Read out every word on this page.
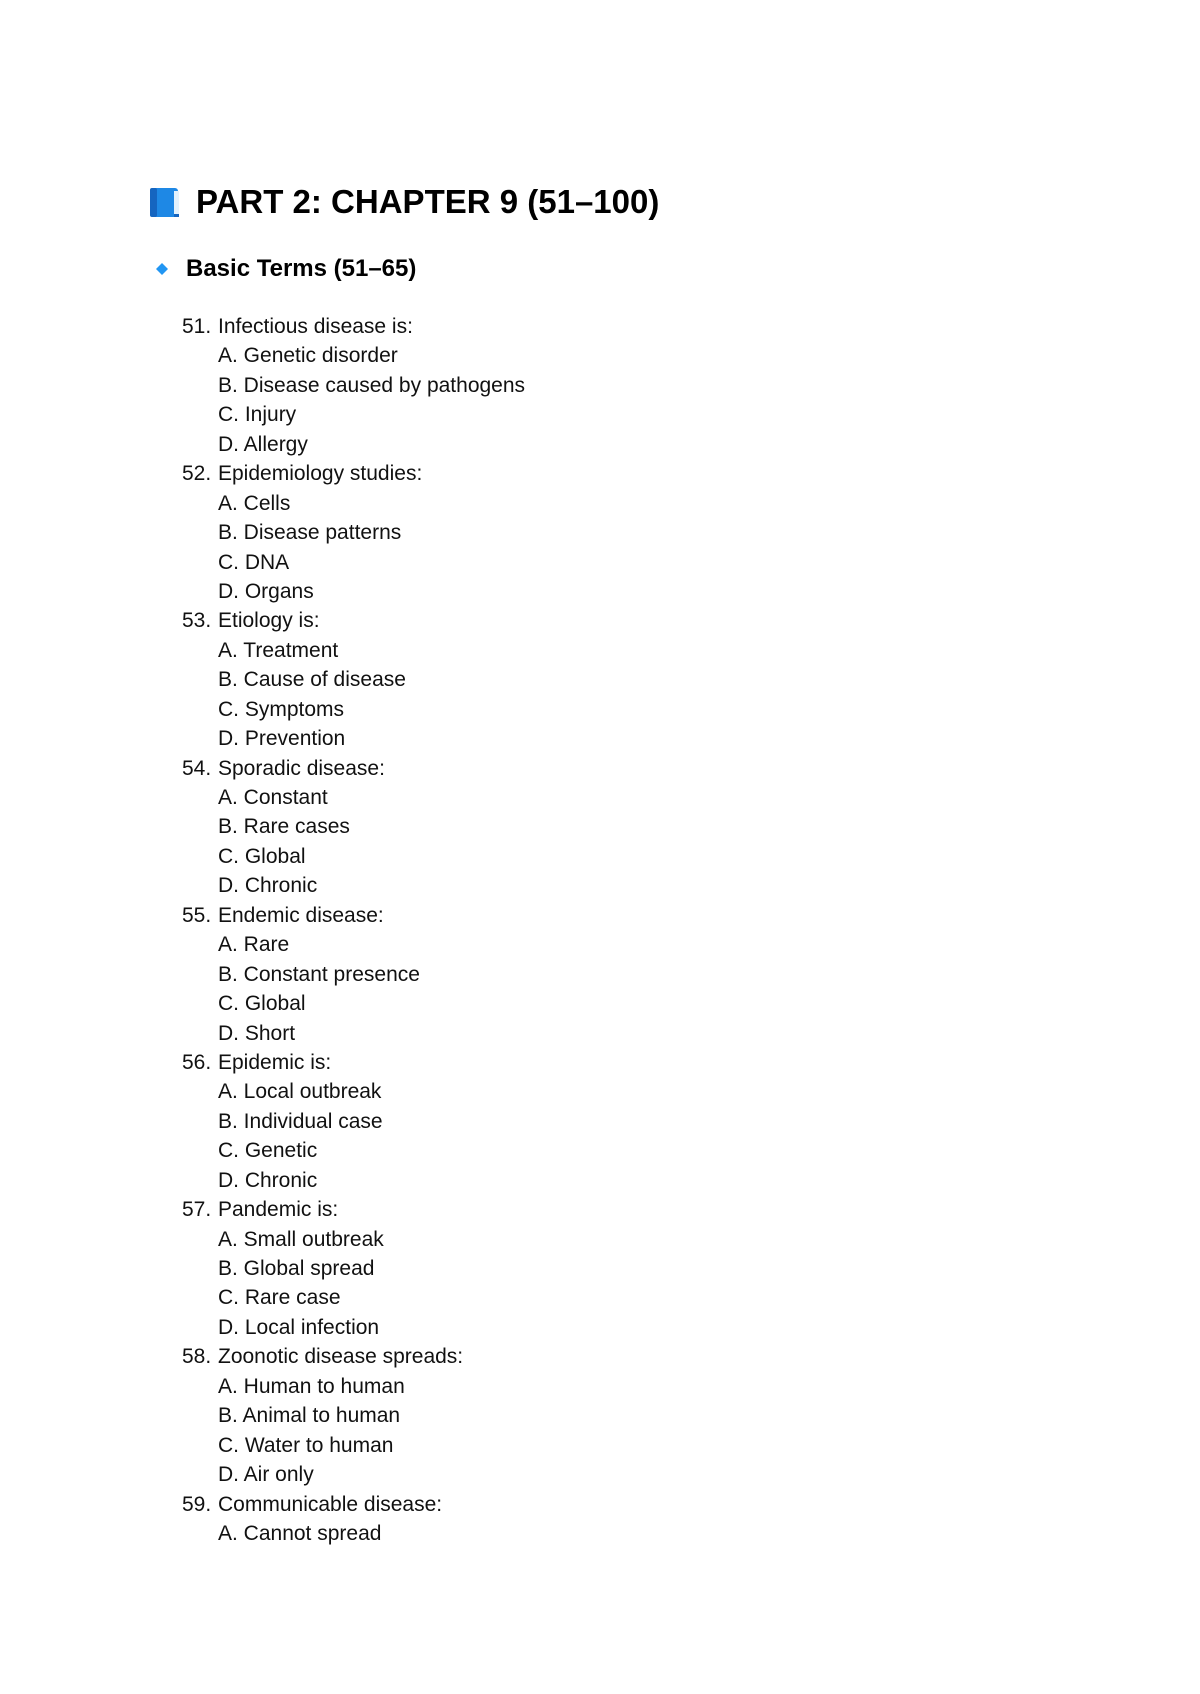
PART 2: CHAPTER 9 (51–100)
Basic Terms (51–65)
51. Infectious disease is:
A. Genetic disorder
B. Disease caused by pathogens
C. Injury
D. Allergy
52. Epidemiology studies:
A. Cells
B. Disease patterns
C. DNA
D. Organs
53. Etiology is:
A. Treatment
B. Cause of disease
C. Symptoms
D. Prevention
54. Sporadic disease:
A. Constant
B. Rare cases
C. Global
D. Chronic
55. Endemic disease:
A. Rare
B. Constant presence
C. Global
D. Short
56. Epidemic is:
A. Local outbreak
B. Individual case
C. Genetic
D. Chronic
57. Pandemic is:
A. Small outbreak
B. Global spread
C. Rare case
D. Local infection
58. Zoonotic disease spreads:
A. Human to human
B. Animal to human
C. Water to human
D. Air only
59. Communicable disease:
A. Cannot spread
